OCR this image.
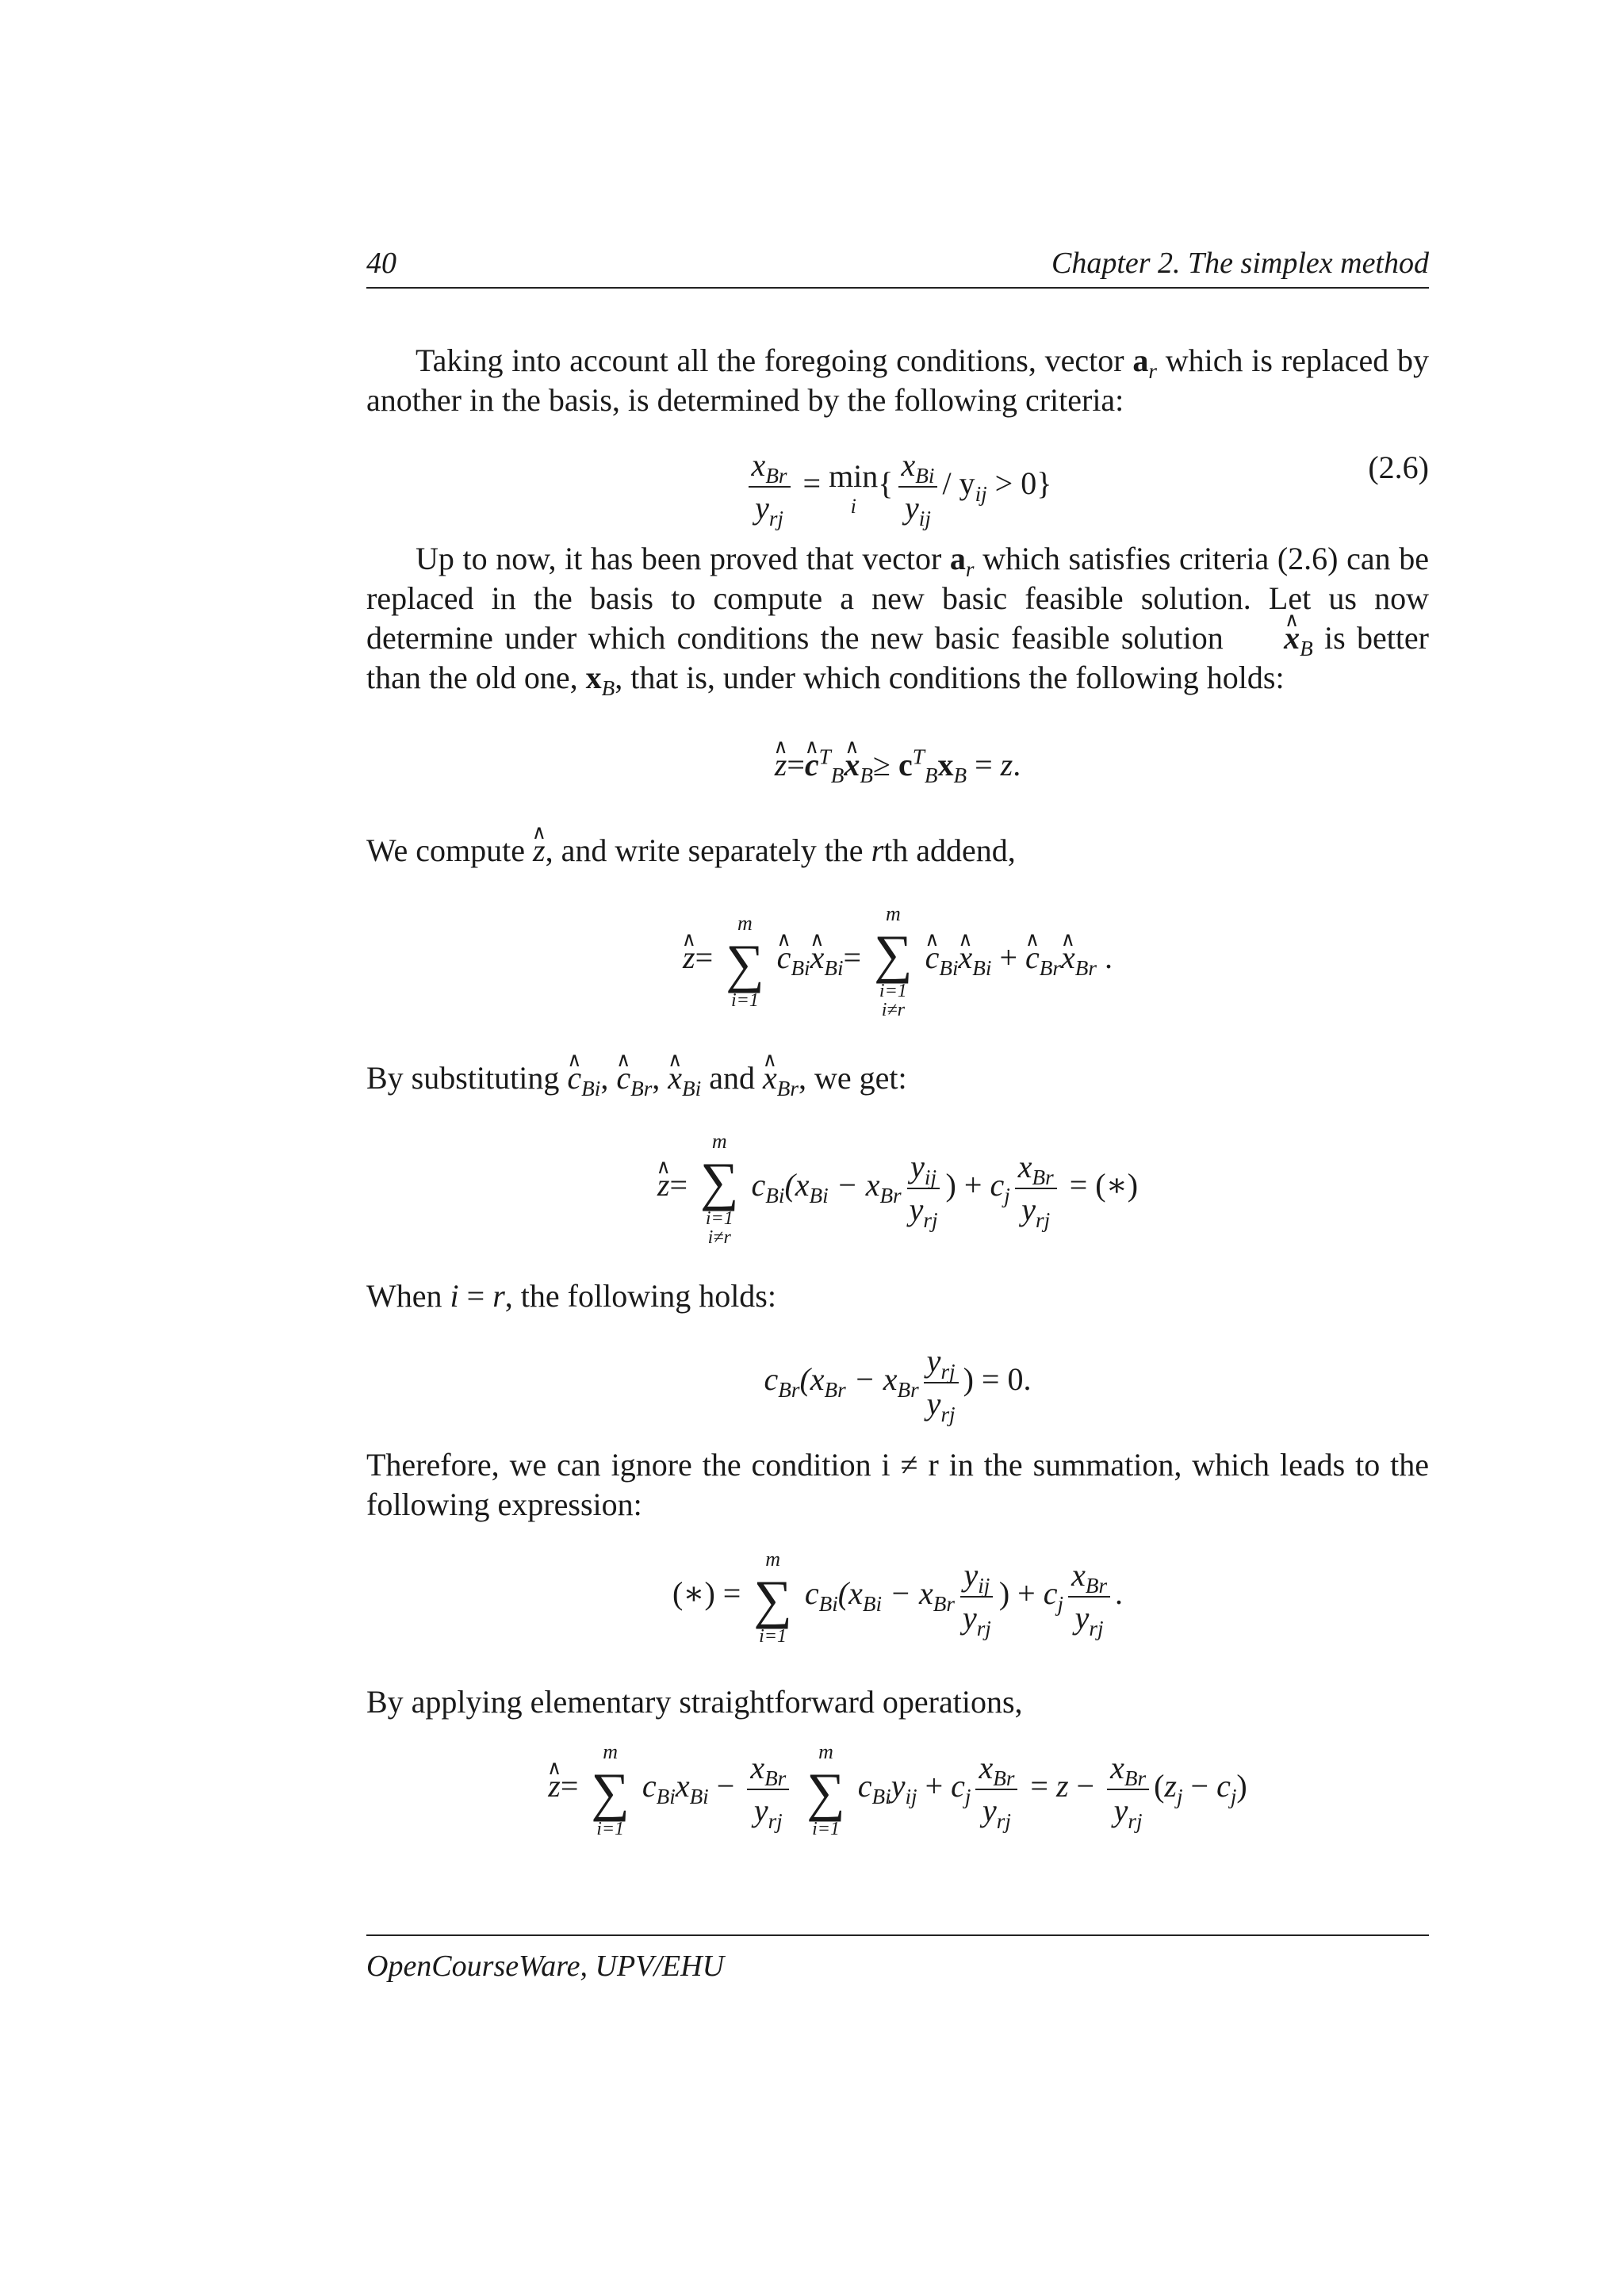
40	Chapter 2. The simplex method

Taking into account all the foregoing conditions, vector $a_r$ which is replaced by another in the basis, is determined by the following criteria:

$\frac{x_{Br}}{y_{rj}} = \min$
i
{ $\frac{x_{Bi}}{y_{ij}} / y_{ij} > 0$}	(2.6)

Up to now, it has been proved that vector $a_r$ which satisfies criteria (2.6) can be replaced in the basis to compute a new basic feasible solution. Let us now determine under which conditions the new basic feasible solution ∧ $x_B$ is better than the old one, $x_B$, that is, under which conditions the following holds:

∧ z=∧ $c^T_B\wedge$ $x_B\ge c^T_Bx_B = z$.

We compute ∧ z, and write separately the rth addend,

∧ z=
m
∑
i=1
∧ $c_{Bi}\wedge$ $x_{Bi}=$
m
∑
i=1
i≠r
∧ $c_{Bi}\wedge$ $x_{Bi}$ + ∧ $c_{Br}\wedge$ $x_{Br}$ .

By substituting ∧ $c_{Bi}$, ∧ $c_{Br}$, ∧ $x_{Bi}$ and ∧ $x_{Br}$, we get:

∧ z=
m
∑
i=1
i≠r
$c_{Bi}(x_{Bi} - x_{Br} \frac{y_{ij}}{y_{rj}}$ ) + $c_j \frac{x_{Br}}{y_{rj}}$ = (∗)

When i = r, the following holds:

$c_{Br}(x_{Br} - x_{Br} \frac{y_{rj}}{y_{rj}}$ ) = 0.

Therefore, we can ignore the condition i ≠ r in the summation, which leads to the following expression:

(∗) =
m
∑
i=1
$c_{Bi}(x_{Bi} - x_{Br} \frac{y_{ij}}{y_{rj}}$ ) + $c_j \frac{x_{Br}}{y_{rj}}$ .

By applying elementary straightforward operations,

∧ z=
m
∑
i=1
$c_{Bi}x_{Bi} - \frac{x_{Br}}{y_{rj}}$
m
∑
i=1
$c_{Bi}y_{ij} + c_j \frac{x_{Br}}{y_{rj}} = z - \frac{x_{Br}}{y_{rj}} (z_j - c_j)$
OpenCourseWare, UPV/EHU
